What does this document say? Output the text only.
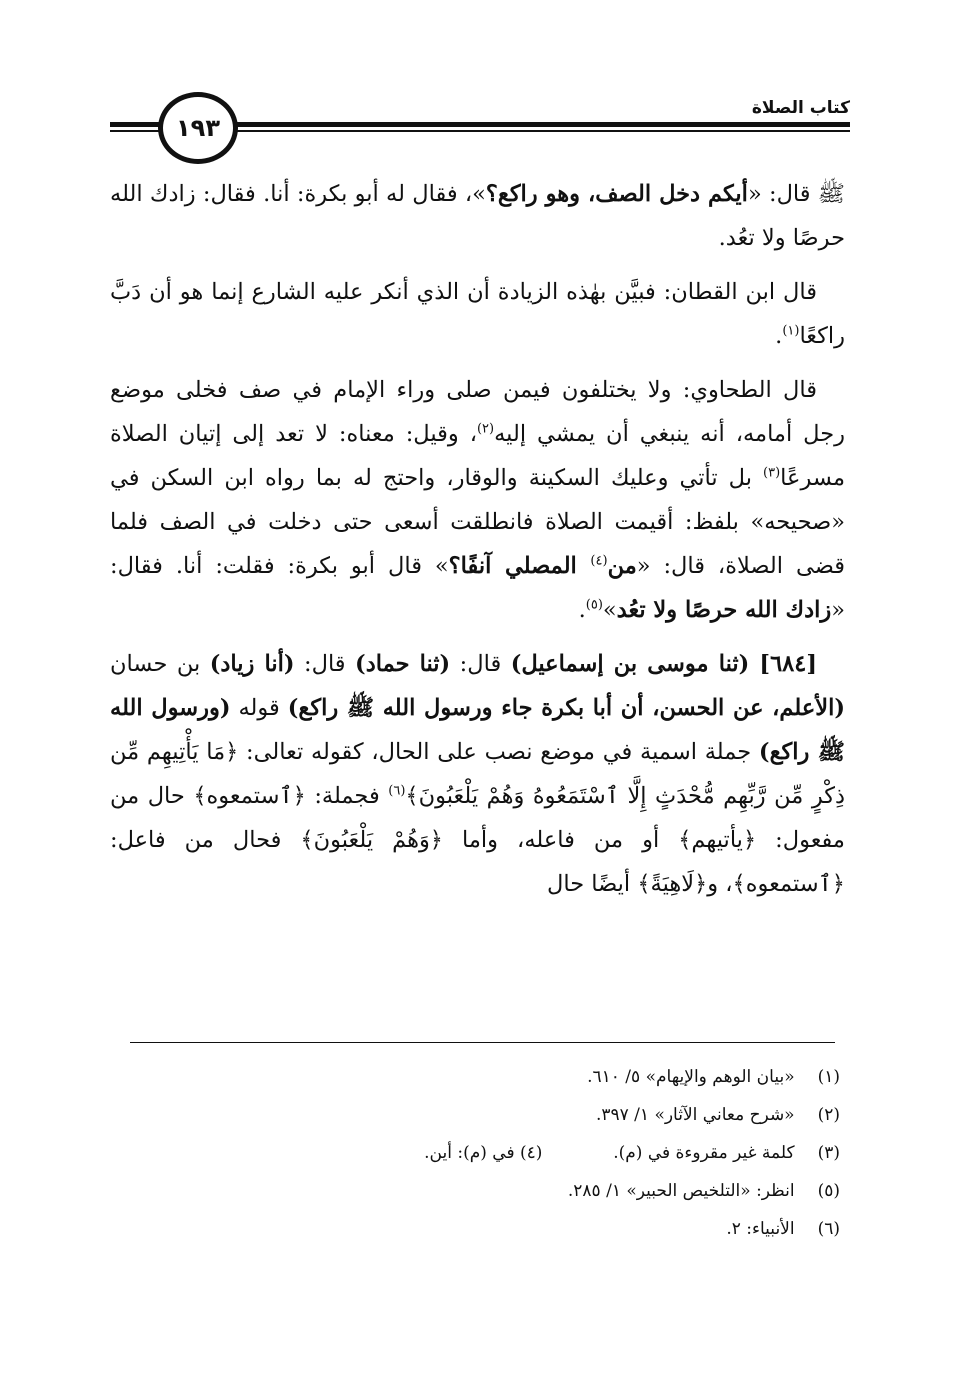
١٩٣
كتاب الصلاة

ﷺ قال: «أيكم دخل الصف، وهو راكع؟»، فقال له أبو بكرة: أنا. فقال: زادك الله حرصًا ولا تعُد.

قال ابن القطان: فبيَّن بهٰذه الزيادة أن الذي أنكر عليه الشارع إنما هو أن دَبَّ راكعًا$^{(١)}$.

قال الطحاوي: ولا يختلفون فيمن صلى وراء الإمام في صف فخلى موضع رجل أمامه، أنه ينبغي أن يمشي إليه$^{(٢)}$، وقيل: معناه: لا تعد إلى إتيان الصلاة مسرعًا$^{(٣)}$ بل تأتي وعليك السكينة والوقار، واحتج له بما رواه ابن السكن في «صحيحه» بلفظ: أقيمت الصلاة فانطلقت أسعى حتى دخلت في الصف فلما قضى الصلاة، قال: «من$^{(٤)}$ المصلي آنفًا؟» قال أبو بكرة: فقلت: أنا. فقال: «زادك الله حرصًا ولا تعُد»$^{(٥)}$.

[٦٨٤] (ثنا موسى بن إسماعيل) قال: (ثنا حماد) قال: (أنا زياد) بن حسان (الأعلم، عن الحسن، أن أبا بكرة جاء ورسول الله ﷺ راكع) قوله (ورسول الله ﷺ راكع) جملة اسمية في موضع نصب على الحال، كقوله تعالى: ﴿مَا يَأْتِيهِم مِّن ذِكْرٍ مِّن رَّبِّهِم مُّحْدَثٍ إِلَّا ٱسْتَمَعُوهُ وَهُمْ يَلْعَبُونَ﴾$^{(٦)}$ فجملة: ﴿ٱستمعوه﴾ حال من مفعول: ﴿يأتيهم﴾ أو من فاعله، وأما ﴿وَهُمْ يَلْعَبُونَ﴾ فحال من فاعل: ﴿ٱستمعوه﴾، و﴿لَاهِيَةً﴾ أيضًا حال

(١) «بيان الوهم والإيهام» ٥/ ٦١٠.
(٢) «شرح معاني الآثار» ١/ ٣٩٧.
(٣) كلمة غير مقروءة في (م).  (٤) في (م): أين.
(٥) انظر: «التلخيص الحبير» ١/ ٢٨٥.
(٦) الأنبياء: ٢.
